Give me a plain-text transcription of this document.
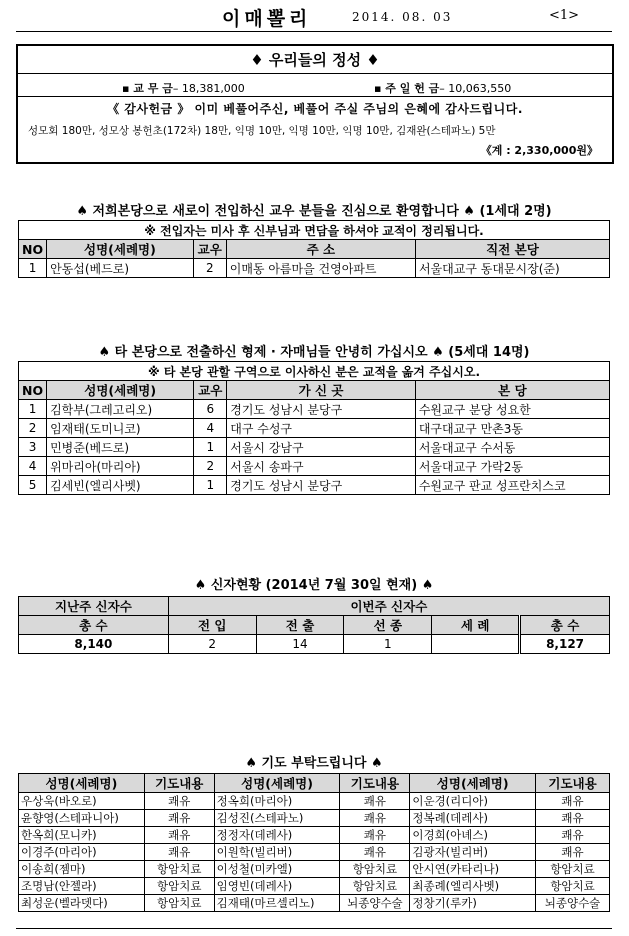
이매뽈리	2014. 08. 03	<1>
♦ 우리들의 정성 ♦
▪ 교 무 금– 18,381,000	▪ 주 일 헌 금– 10,063,550
《 감사헌금 》 이미 베풀어주신, 베풀어 주실 주님의 은혜에 감사드립니다.
성모회 180만, 성모상 봉헌초(172차) 18만, 익명 10만, 익명 10만, 익명 10만, 김재완(스테파노) 5만
《계 : 2,330,000원》
♠ 저희본당으로 새로이 전입하신 교우 분들을 진심으로 환영합니다 ♠ (1세대 2명)
※ 전입자는 미사 후 신부님과 면담을 하셔야 교적이 정리됩니다.				
NO	성명(세례명)	교우	주 소	직전 본당
1	안동섭(베드로)	2	이매동 아름마을 건영아파트	서울대교구 동대문시장(준)
♠ 타 본당으로 전출하신 형제 · 자매님들 안녕히 가십시오 ♠ (5세대 14명)
※ 타 본당 관할 구역으로 이사하신 분은 교적을 옮겨 주십시오.				
NO	성명(세례명)	교우	가 신 곳	본 당
1	김학부(그레고리오)	6	경기도 성남시 분당구	수원교구 분당 성요한
2	임재태(도미니코)	4	대구 수성구	대구대교구 만촌3동
3	민병준(베드로)	1	서울시 강남구	서울대교구 수서동
4	위마리아(마리아)	2	서울시 송파구	서울대교구 가락2동
5	김세빈(엘리사벳)	1	경기도 성남시 분당구	수원교구 판교 성프란치스코
♠ 신자현황 (2014년 7월 30일 현재) ♠
지난주 신자수	이번주 신자수				
총 수	전 입	전 출	선 종	세 례	총 수
8,140	2	14	1		8,127
♠ 기도 부탁드립니다 ♠
성명(세례명)	기도내용	성명(세례명)	기도내용	성명(세례명)	기도내용
우상욱(바오로)	쾌유	정옥희(마리아)	쾌유	이운경(리디아)	쾌유
윤향영(스테파니아)	쾌유	김성진(스테파노)	쾌유	정복례(데레사)	쾌유
한옥희(모니카)	쾌유	정정자(데레사)	쾌유	이경희(아녜스)	쾌유
이경주(마리아)	쾌유	이원학(빌리버)	쾌유	김광자(빌리버)	쾌유
이송희(젬마)	항암치료	이성철(미카엘)	항암치료	안시연(카타리나)	항암치료
조명남(안젤라)	항암치료	임영빈(데레사)	항암치료	최종례(엘리사벳)	항암치료
최성운(벨라뎃다)	항암치료	김재태(마르셀리노)	뇌종양수술	정창기(루카)	뇌종양수술
